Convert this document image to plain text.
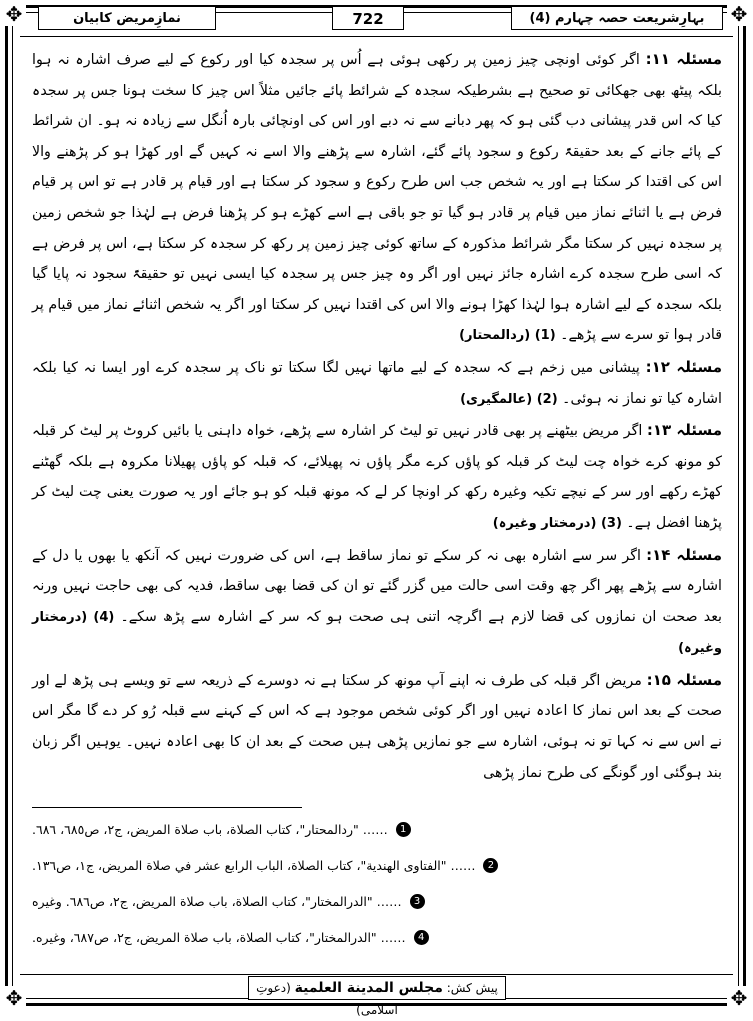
✥	✥
✥	✥
بہارِشریعت حصہ چہارم (4)
722
نمازِمریض کابیان

مسئلہ ۱۱: اگر کوئی اونچی چیز زمین پر رکھی ہوئی ہے اُس پر سجدہ کیا اور رکوع کے لیے صرف اشارہ نہ ہوا بلکہ پیٹھ بھی جھکائی تو صحیح ہے بشرطیکہ سجدہ کے شرائط پائے جائیں مثلاً اس چیز کا سخت ہونا جس پر سجدہ کیا کہ اس قدر پیشانی دب گئی ہو کہ پھر دبانے سے نہ دبے اور اس کی اونچائی بارہ اُنگل سے زیادہ نہ ہو۔ ان شرائط کے پائے جانے کے بعد حقیقۃً رکوع و سجود پائے گئے، اشارہ سے پڑھنے والا اسے نہ کہیں گے اور کھڑا ہو کر پڑھنے والا اس کی اقتدا کر سکتا ہے اور یہ شخص جب اس طرح رکوع و سجود کر سکتا ہے اور قیام پر قادر ہے تو اس پر قیام فرض ہے یا اثنائے نماز میں قیام پر قادر ہو گیا تو جو باقی ہے اسے کھڑے ہو کر پڑھنا فرض ہے لہٰذا جو شخص زمین پر سجدہ نہیں کر سکتا مگر شرائط مذکورہ کے ساتھ کوئی چیز زمین پر رکھ کر سجدہ کر سکتا ہے، اس پر فرض ہے کہ اسی طرح سجدہ کرے اشارہ جائز نہیں اور اگر وہ چیز جس پر سجدہ کیا ایسی نہیں تو حقیقۃً سجود نہ پایا گیا بلکہ سجدہ کے لیے اشارہ ہوا لہٰذا کھڑا ہونے والا اس کی اقتدا نہیں کر سکتا اور اگر یہ شخص اثنائے نماز میں قیام پر قادر ہوا تو سرے سے پڑھے۔ (1) (ردالمحتار)

مسئلہ ۱۲: پیشانی میں زخم ہے کہ سجدہ کے لیے ماتھا نہیں لگا سکتا تو ناک پر سجدہ کرے اور ایسا نہ کیا بلکہ اشارہ کیا تو نماز نہ ہوئی۔ (2) (عالمگیری)

مسئلہ ۱۳: اگر مریض بیٹھنے پر بھی قادر نہیں تو لیٹ کر اشارہ سے پڑھے، خواہ داہنی یا بائیں کروٹ پر لیٹ کر قبلہ کو مونھ کرے خواہ چت لیٹ کر قبلہ کو پاؤں کرے مگر پاؤں نہ پھیلائے، کہ قبلہ کو پاؤں پھیلانا مکروہ ہے بلکہ گھٹنے کھڑے رکھے اور سر کے نیچے تکیہ وغیرہ رکھ کر اونچا کر لے کہ مونھ قبلہ کو ہو جائے اور یہ صورت یعنی چت لیٹ کر پڑھنا افضل ہے۔ (3) (درمختار وغیرہ)

مسئلہ ۱۴: اگر سر سے اشارہ بھی نہ کر سکے تو نماز ساقط ہے، اس کی ضرورت نہیں کہ آنکھ یا بھوں یا دل کے اشارہ سے پڑھے پھر اگر چھ وقت اسی حالت میں گزر گئے تو ان کی قضا بھی ساقط، فدیہ کی بھی حاجت نہیں ورنہ بعد صحت ان نمازوں کی قضا لازم ہے اگرچہ اتنی ہی صحت ہو کہ سر کے اشارہ سے پڑھ سکے۔ (4) (درمختار وغیرہ)

مسئلہ ۱۵: مریض اگر قبلہ کی طرف نہ اپنے آپ مونھ کر سکتا ہے نہ دوسرے کے ذریعہ سے تو ویسے ہی پڑھ لے اور صحت کے بعد اس نماز کا اعادہ نہیں اور اگر کوئی شخص موجود ہے کہ اس کے کہنے سے قبلہ رُو کر دے گا مگر اس نے اس سے نہ کہا تو نہ ہوئی، اشارہ سے جو نمازیں پڑھی ہیں صحت کے بعد ان کا بھی اعادہ نہیں۔ یوہیں اگر زبان بند ہوگئی اور گونگے کی طرح نماز پڑھی

1 …… "ردالمحتار"، كتاب الصلاة، باب صلاة المريض، ج٢، ص٦٨٥، ٦٨٦.
2 …… "الفتاوى الهندية"، كتاب الصلاة، الباب الرابع عشر في صلاة المريض، ج١، ص١٣٦.
3 …… "الدرالمختار"، كتاب الصلاة، باب صلاة المريض، ج٢، ص٦٨٦. وغيره
4 …… "الدرالمختار"، كتاب الصلاة، باب صلاة المريض، ج٢، ص٦٨٧، وغيره.
پیش کش: مجلس المدينة العلمية (دعوتِ اسلامی)
